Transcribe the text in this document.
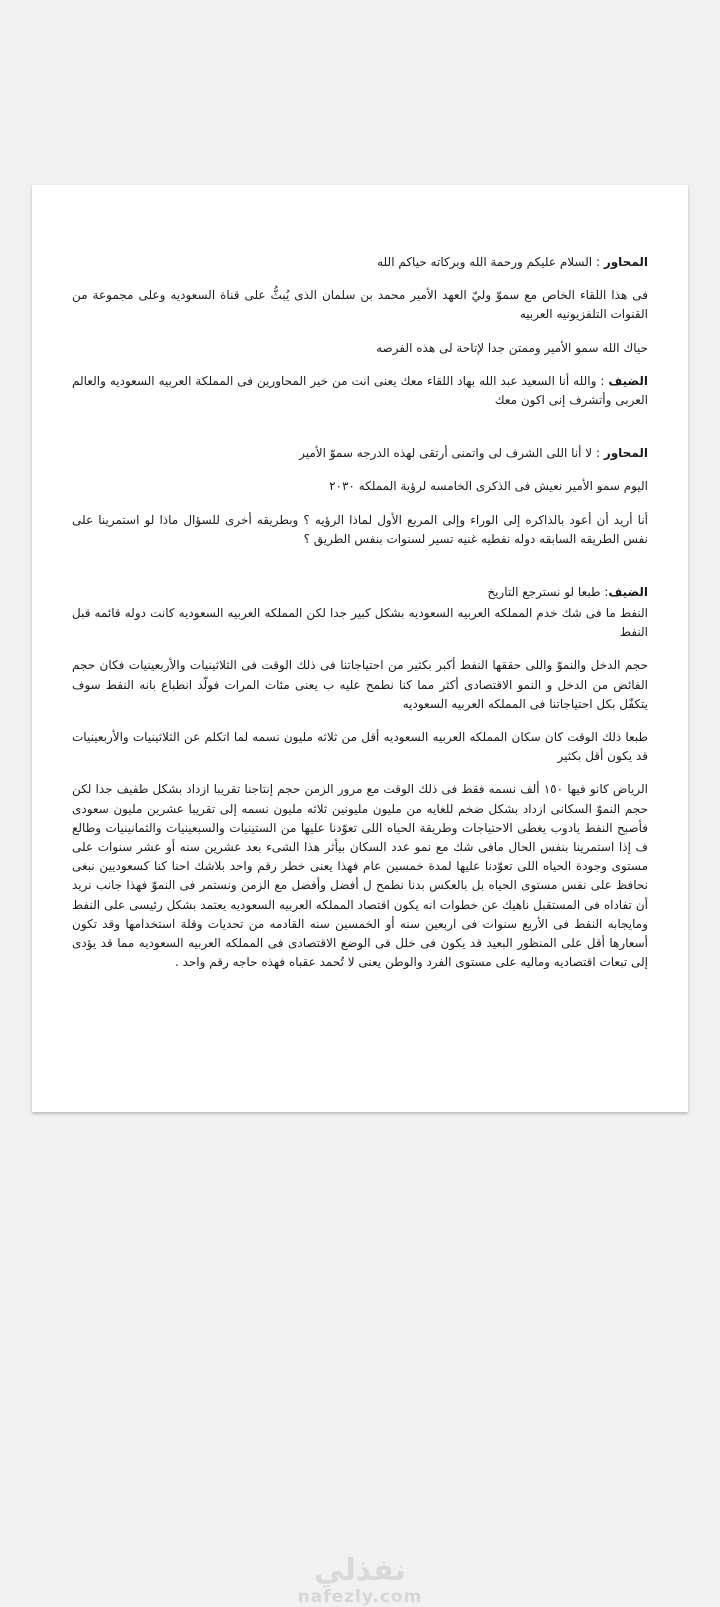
المحاور : السلام عليكم ورحمة الله وبركاته حياكم الله

فى هذا اللقاء الخاص مع سموّ وليّ العهد الأمير محمد بن سلمان الذى يُبثُّ على قناة السعوديه وعلى مجموعة من القنوات التلفزيونيه العربيه

حياك الله سمو الأمير وممتن جدا لإتاحة لى هذه الفرصه

الضيف : والله أنا السعيد عبد الله بهاد اللقاء معك يعنى انت من خير المحاورين فى المملكة العربيه السعوديه والعالم العربى وأتشرف إنى اكون معك

المحاور : لا أنا اللى الشرف لى واتمنى أرتقى لهذه الدرجه سموّ الأمير

اليوم سمو الأمير نعيش فى الذكرى الخامسه لرؤية المملكه ٢٠٣٠

أنا أريد أن أعود بالذاكره إلى الوراء وإلى المربع الأول لماذا الرؤيه ؟ وبطريقه أخرى للسؤال ماذا لو استمرينا على نفس الطريقه السابقه دوله نفطيه غنيه تسير لسنوات بنفس الطريق ؟

الضيف: طبعا لو نسترجع التاريخ

النفط ما فى شك خدم المملكه العربيه السعوديه بشكل كبير جدا لكن المملكه العربيه السعوديه كانت دوله قائمه قبل النفط

حجم الدخل والنموّ واللى حققها النفط أكبر بكثير من احتياجاتنا فى ذلك الوقت فى الثلاثينيات والأربعينيات فكان حجم الفائض من الدخل و النمو الاقتصادى أكثر مما كنا نطمح عليه ب يعنى مئات المرات فولّد انطباع بانه النفط سوف يتكفّل بكل احتياجاتنا فى المملكه العربيه السعوديه

طبعا ذلك الوقت كان سكان المملكه العربيه السعوديه أقل من ثلاثه مليون نسمه لما اتكلم عن الثلاثينيات والأربعينيات قد يكون أقل بكثير

الرياض كانو فيها ١٥٠ ألف نسمه فقط فى ذلك الوقت مع مرور الزمن حجم إنتاجنا تقريبا ازداد بشكل طفيف جدا لكن حجم النموّ السكانى ازداد بشكل ضخم للغايه من مليون مليونين ثلاثه مليون نسمه إلى تقريبا عشرين مليون سعودى فأصبح النفط يادوب يغطى الاحتياجات وطريقة الحياه اللى تعوّدنا عليها من الستينيات والسبعينيات والثمانينيات وطالع ف إذا استمرينا بنفس الحال مافى شك مع نمو عدد السكان بيأثر هذا الشىء بعد عشرين سنه أو عشر سنوات على مستوى وجودة الحياه اللى تعوّدنا عليها لمدة خمسين عام فهذا يعنى خطر رقم واحد بلاشك احنا كنا كسعوديين نبغى نحافظ على نفس مستوى الحياه بل بالعكس بدنا نطمح ل أفضل وأفضل مع الزمن ونستمر فى النموّ فهذا جانب نريد أن تفاداه فى المستقبل ناهيك عن خطوات انه يكون اقتصاد المملكه العربيه السعوديه يعتمد بشكل رئيسى على النفط ومايجابه النفط فى الأربع سنوات فى اربعين سنه أو الخمسين سنه القادمه من تحديات وقلة استخدامها وقد تكون أسعارها أقل على المنظور البعيد قد يكون فى خلل فى الوضع الاقتصادى فى المملكه العربيه السعوديه مما قد يؤدى إلى تبعات اقتصاديه وماليه على مستوى الفرد والوطن يعنى لا تُحمد عقباه فهذه حاجه رقم واحد .

نفذلي
nafezly.com
